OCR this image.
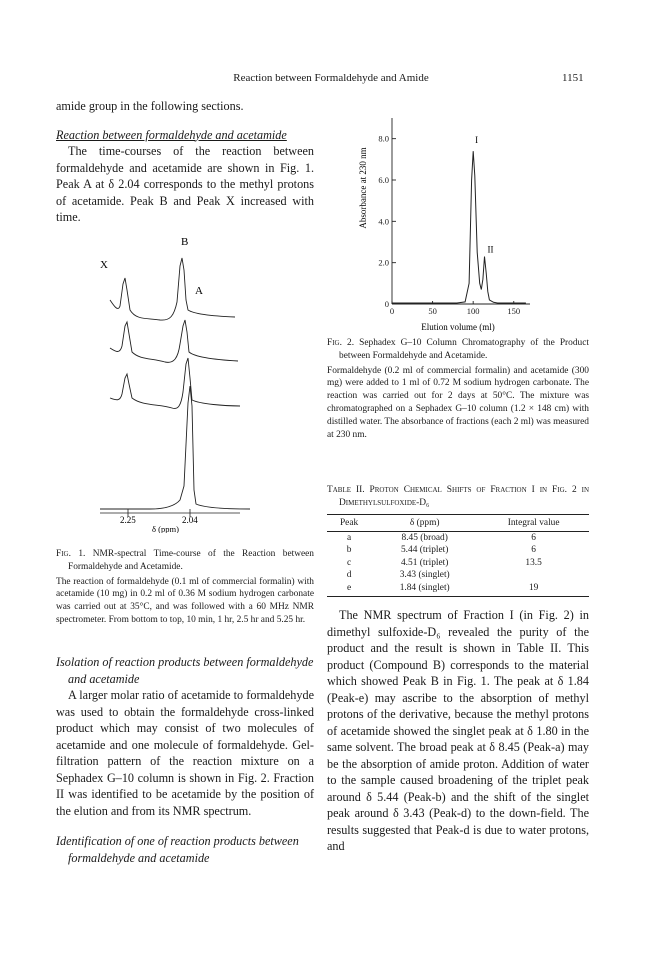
Reaction between Formaldehyde and Amide	1151

amide group in the following sections.

Reaction between formaldehyde and acetamide

The time-courses of the reaction between formaldehyde and acetamide are shown in Fig. 1. Peak A at δ 2.04 corresponds to the methyl protons of acetamide. Peak B and Peak X increased with time.

X
B
A
2.25	2.04
δ (ppm)
Fig. 1. NMR-spectral Time-course of the Reaction between Formaldehyde and Acetamide.
The reaction of formaldehyde (0.1 ml of commercial formalin) with acetamide (10 mg) in 0.2 ml of 0.36 M sodium hydrogen carbonate was carried out at 35°C, and was followed with a 60 MHz NMR spectrometer. From bottom to top, 10 min, 1 hr, 2.5 hr and 5.25 hr.

Isolation of reaction products between formaldehyde and acetamide

A larger molar ratio of acetamide to formaldehyde was used to obtain the formaldehyde cross-linked product which may consist of two molecules of acetamide and one molecule of formaldehyde. Gel-filtration pattern of the reaction mixture on a Sephadex G–10 column is shown in Fig. 2. Fraction II was identified to be acetamide by the position of the elution and from its NMR spectrum.

Identification of one of reaction products between formaldehyde and acetamide

Absorbance at 230 nm
8.0
6.0
4.0
2.0
0
0	50	100	150
I
II
Elution volume (ml)
Fig. 2. Sephadex G–10 Column Chromatography of the Product between Formaldehyde and Acetamide.
Formaldehyde (0.2 ml of commercial formalin) and acetamide (300 mg) were added to 1 ml of 0.72 M sodium hydrogen carbonate. The reaction was carried out for 2 days at 50°C. The mixture was chromatographed on a Sephadex G–10 column (1.2 × 148 cm) with distilled water. The absorbance of fractions (each 2 ml) was measured at 230 nm.
Table II. Proton Chemical Shifts of Fraction I in Fig. 2 in Dimethylsulfoxide-D₆
Peak	δ (ppm)	Integral value
a	8.45 (broad)	6
b	5.44 (triplet)	6
c	4.51 (triplet)	13.5
d	3.43 (singlet)	
e	1.84 (singlet)	19

The NMR spectrum of Fraction I (in Fig. 2) in dimethyl sulfoxide-D₆ revealed the purity of the product and the result is shown in Table II. This product (Compound B) corresponds to the material which showed Peak B in Fig. 1. The peak at δ 1.84 (Peak-e) may ascribe to the absorption of methyl protons of the derivative, because the methyl protons of acetamide showed the singlet peak at δ 1.80 in the same solvent. The broad peak at δ 8.45 (Peak-a) may be the absorption of amide proton. Addition of water to the sample caused broadening of the triplet peak around δ 5.44 (Peak-b) and the shift of the singlet peak around δ 3.43 (Peak-d) to the down-field. The results suggested that Peak-d is due to water protons, and
